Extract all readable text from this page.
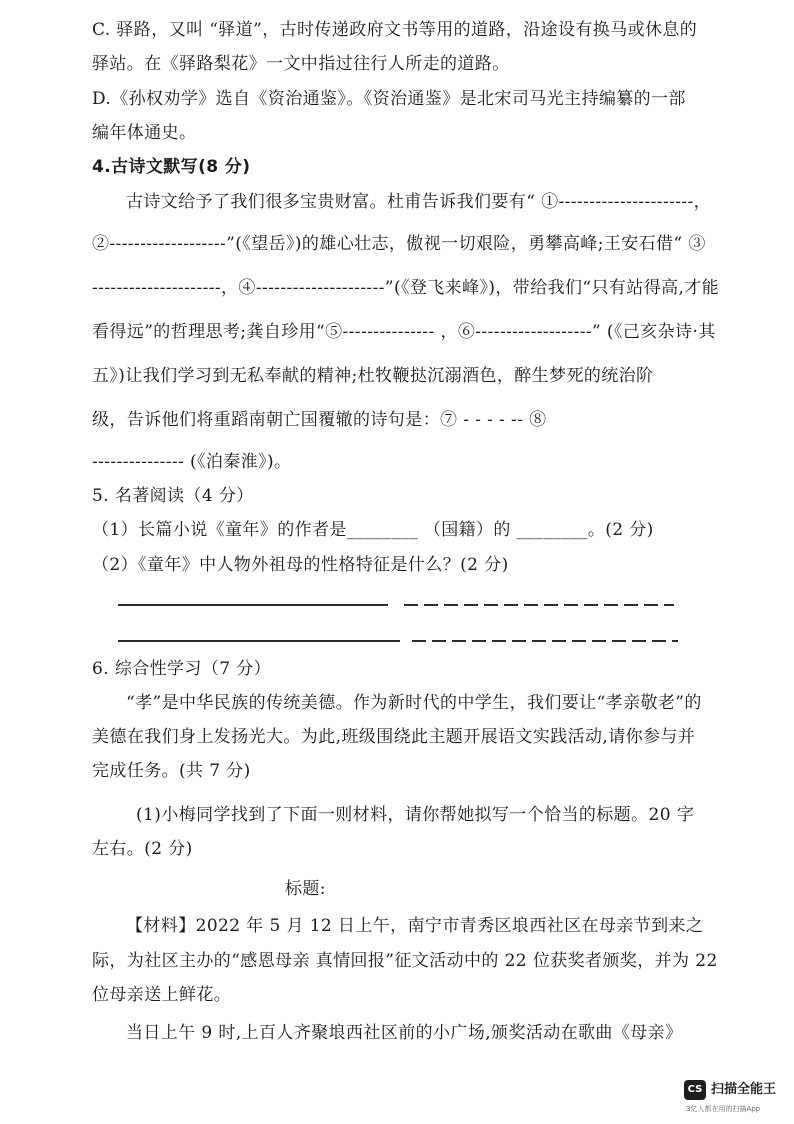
C. 驿路，又叫 “驿道”，古时传递政府文书等用的道路，沿途设有换马或休息的
驿站。在《驿路梨花》一文中指过往行人所走的道路。
D.《孙权劝学》选自《资治通鉴》。《资治通鉴》是北宋司马光主持编纂的一部
编年体通史。
4.古诗文默写(8 分)
古诗文给予了我们很多宝贵财富。杜甫告诉我们要有“ ①----------------------，
②-------------------”(《望岳》)的雄心壮志，傲视一切艰险，勇攀高峰;王安石借“ ③
---------------------，④---------------------”(《登飞来峰》)，带给我们“只有站得高,才能
看得远”的哲理思考;龚自珍用“⑤--------------- ，⑥-------------------” (《己亥杂诗·其
五》)让我们学习到无私奉献的精神;杜牧鞭挞沉溺酒色，醉生梦死的统治阶
级，告诉他们将重蹈南朝亡国覆辙的诗句是：⑦ - - - - -- ⑧
--------------- (《泊秦淮》)。
5. 名著阅读（4 分）
（1）长篇小说《童年》的作者是________ （国籍）的 ________。(2 分)
（2）《童年》中人物外祖母的性格特征是什么？(2 分)
6. 综合性学习（7 分）
“孝”是中华民族的传统美德。作为新时代的中学生，我们要让“孝亲敬老”的
美德在我们身上发扬光大。为此,班级围绕此主题开展语文实践活动,请你参与并
完成任务。(共 7 分)
(1)小梅同学找到了下面一则材料，请你帮她拟写一个恰当的标题。20 字
左右。(2 分)
标题:
【材料】2022 年 5 月 12 日上午，南宁市青秀区埌西社区在母亲节到来之
际，为社区主办的“感恩母亲 真情回报”征文活动中的 22 位获奖者颁奖，并为 22
位母亲送上鲜花。
当日上午 9 时,上百人齐聚埌西社区前的小广场,颁奖活动在歌曲《母亲》
CS 扫描全能王
3亿人都在用的扫描App
